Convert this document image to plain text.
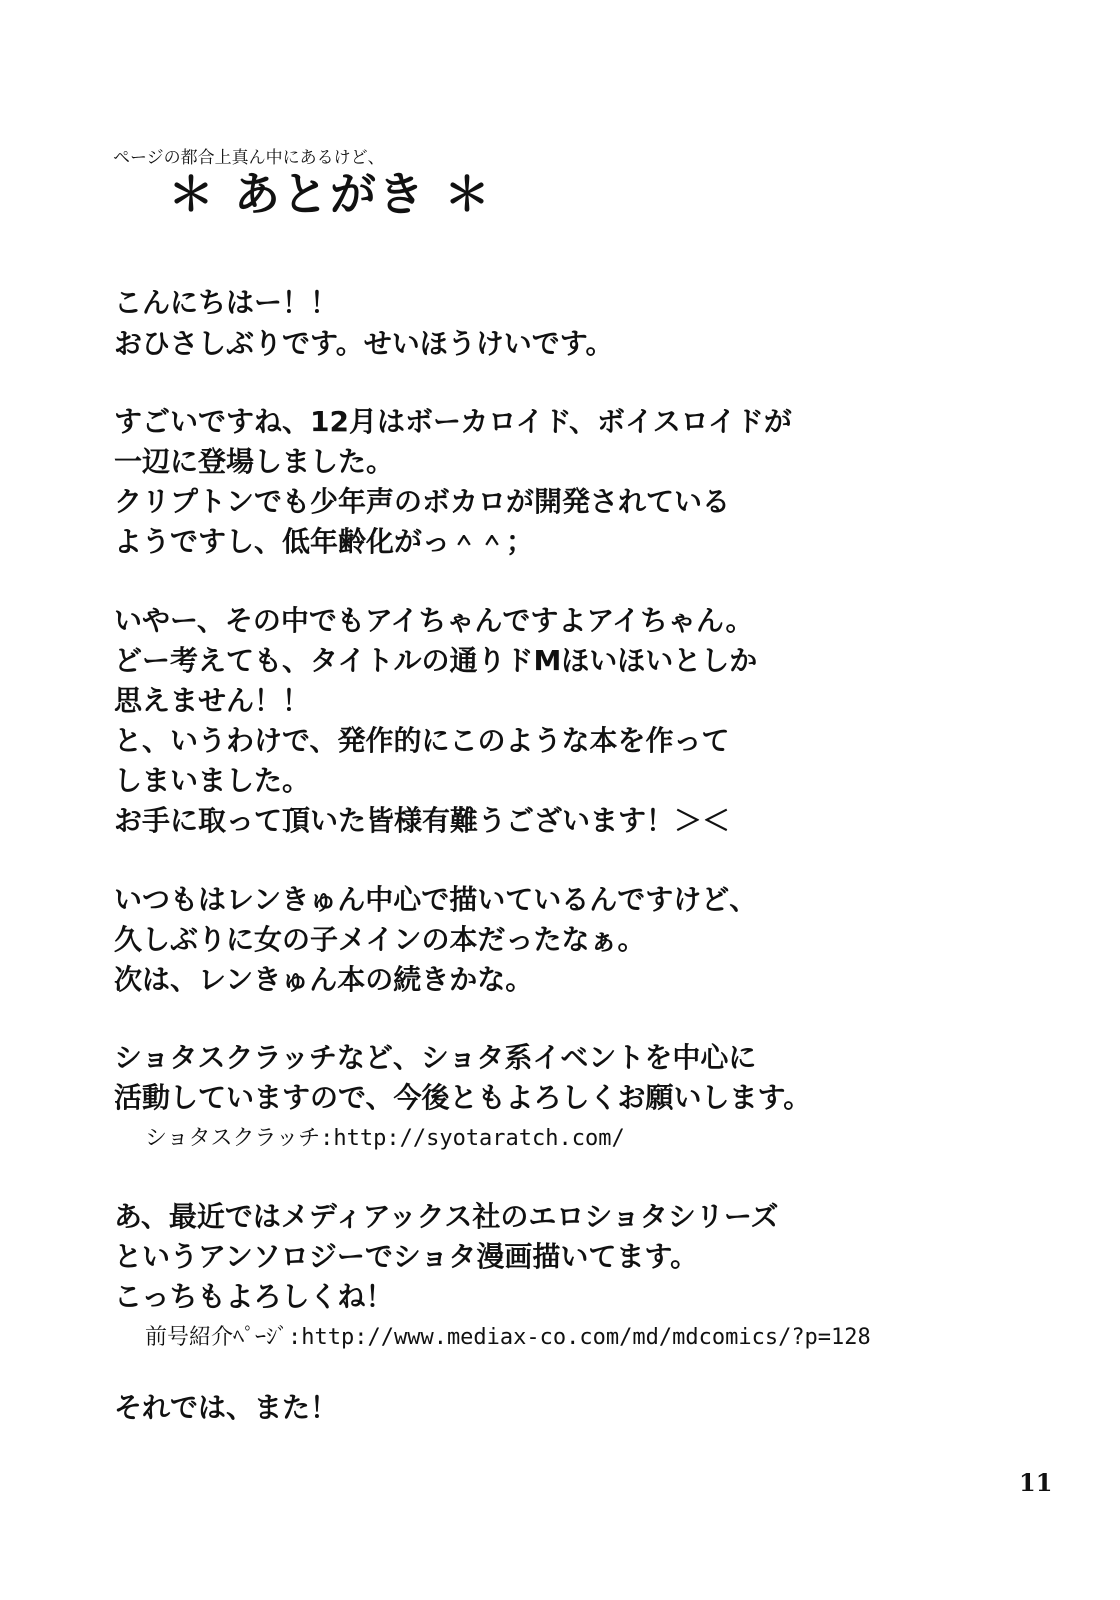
ページの都合上真ん中にあるけど、
＊ あとがき ＊
こんにちはー！！
おひさしぶりです。せいほうけいです。
すごいですね、12月はボーカロイド、ボイスロイドが
一辺に登場しました。
クリプトンでも少年声のボカロが開発されている
ようですし、低年齢化がっ＾＾；
いやー、その中でもアイちゃんですよアイちゃん。
どー考えても、タイトルの通りドMほいほいとしか
思えません！！
と、いうわけで、発作的にこのような本を作って
しまいました。
お手に取って頂いた皆様有難うございます！＞＜
いつもはレンきゅん中心で描いているんですけど、
久しぶりに女の子メインの本だったなぁ。
次は、レンきゅん本の続きかな。
ショタスクラッチなど、ショタ系イベントを中心に
活動していますので、今後ともよろしくお願いします。
ショタスクラッチ:http://syotaratch.com/
あ、最近ではメディアックス社のエロショタシリーズ
というアンソロジーでショタ漫画描いてます。
こっちもよろしくね！
前号紹介ﾍﾟｰｼﾞ:http://www.mediax-co.com/md/mdcomics/?p=128
それでは、また！
11
